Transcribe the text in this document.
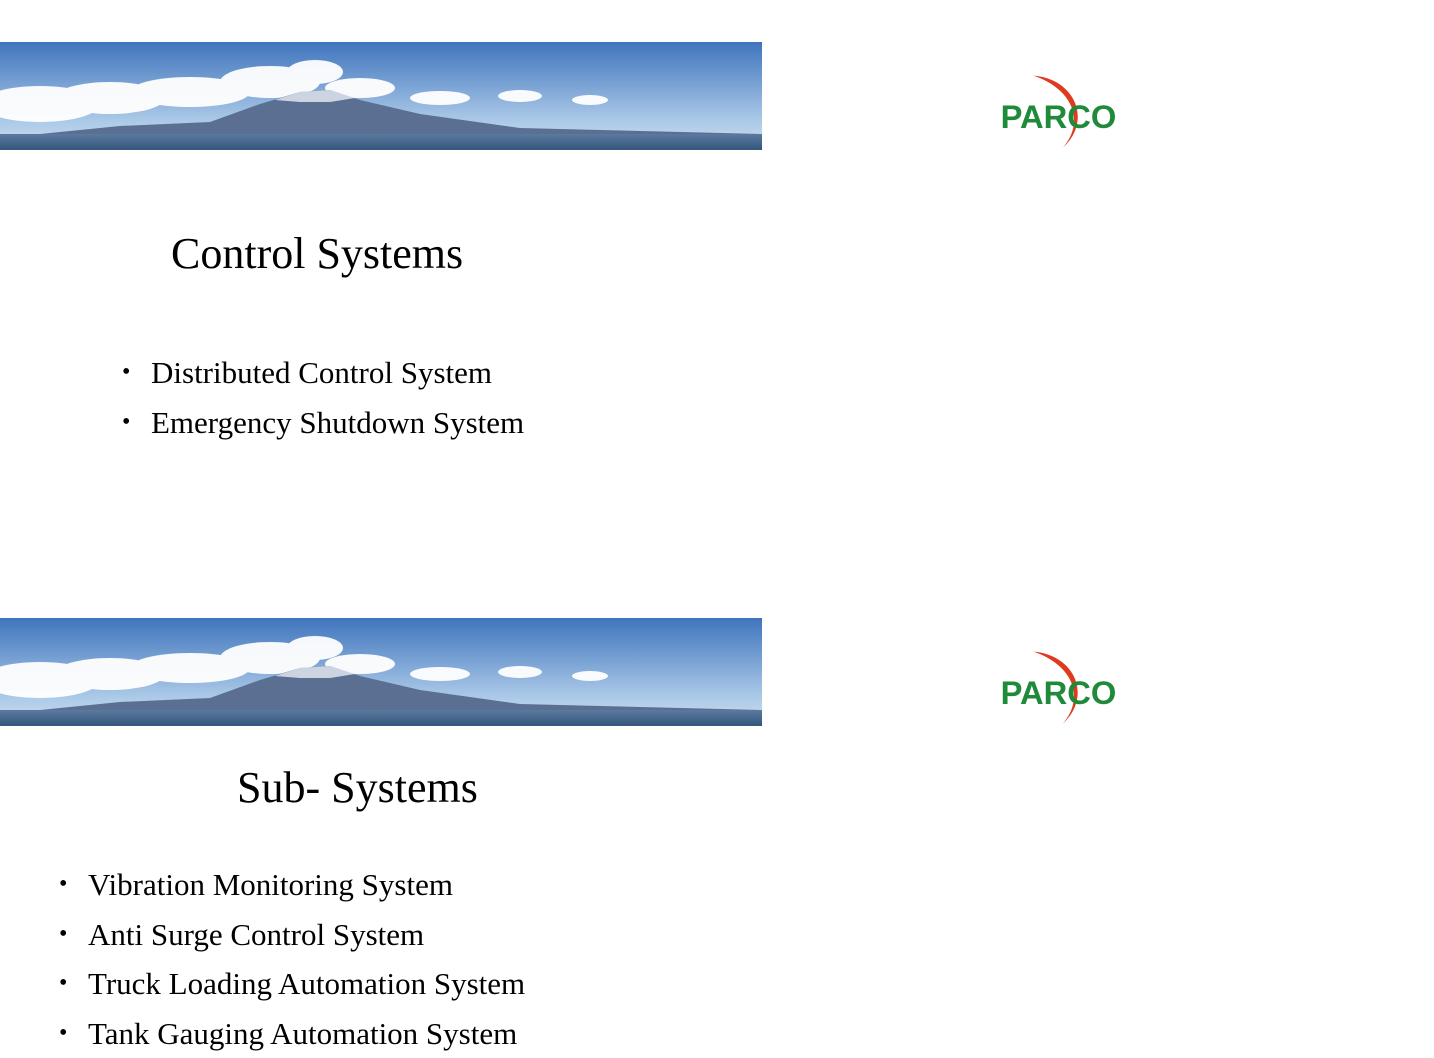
PARCO
Control Systems
• Distributed Control System
• Emergency Shutdown System
PARCO
Sub- Systems
• Vibration Monitoring System
• Anti Surge Control System
• Truck Loading Automation System
• Tank Gauging Automation System
